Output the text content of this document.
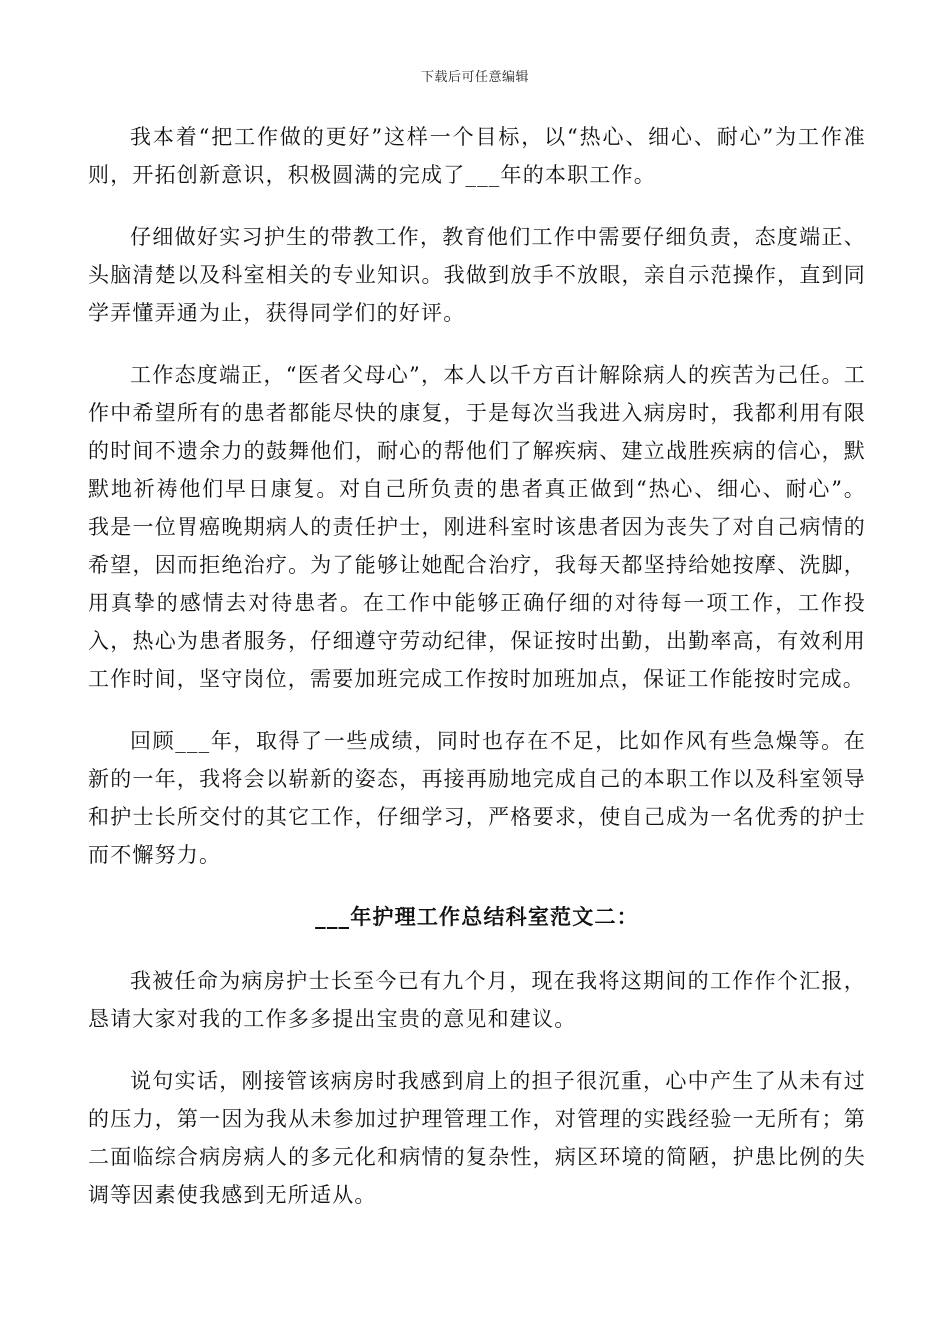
下载后可任意编辑

我本着“把工作做的更好”这样一个目标，以“热心、细心、耐心”为工作准则，开拓创新意识，积极圆满的完成了___年的本职工作。

仔细做好实习护生的带教工作，教育他们工作中需要仔细负责，态度端正、头脑清楚以及科室相关的专业知识。我做到放手不放眼，亲自示范操作，直到同学弄懂弄通为止，获得同学们的好评。

工作态度端正，“医者父母心”，本人以千方百计解除病人的疾苦为己任。工作中希望所有的患者都能尽快的康复，于是每次当我进入病房时，我都利用有限的时间不遗余力的鼓舞他们，耐心的帮他们了解疾病、建立战胜疾病的信心，默默地祈祷他们早日康复。对自己所负责的患者真正做到“热心、细心、耐心”。我是一位胃癌晚期病人的责任护士，刚进科室时该患者因为丧失了对自己病情的希望，因而拒绝治疗。为了能够让她配合治疗，我每天都坚持给她按摩、洗脚，用真挚的感情去对待患者。在工作中能够正确仔细的对待每一项工作，工作投入，热心为患者服务，仔细遵守劳动纪律，保证按时出勤，出勤率高，有效利用工作时间，坚守岗位，需要加班完成工作按时加班加点，保证工作能按时完成。

回顾___年，取得了一些成绩，同时也存在不足，比如作风有些急燥等。在新的一年，我将会以崭新的姿态，再接再励地完成自己的本职工作以及科室领导和护士长所交付的其它工作，仔细学习，严格要求，使自己成为一名优秀的护士而不懈努力。

___年护理工作总结科室范文二：

我被任命为病房护士长至今已有九个月，现在我将这期间的工作作个汇报，恳请大家对我的工作多多提出宝贵的意见和建议。

说句实话，刚接管该病房时我感到肩上的担子很沉重，心中产生了从未有过的压力，第一因为我从未参加过护理管理工作，对管理的实践经验一无所有；第二面临综合病房病人的多元化和病情的复杂性，病区环境的简陋，护患比例的失调等因素使我感到无所适从。
